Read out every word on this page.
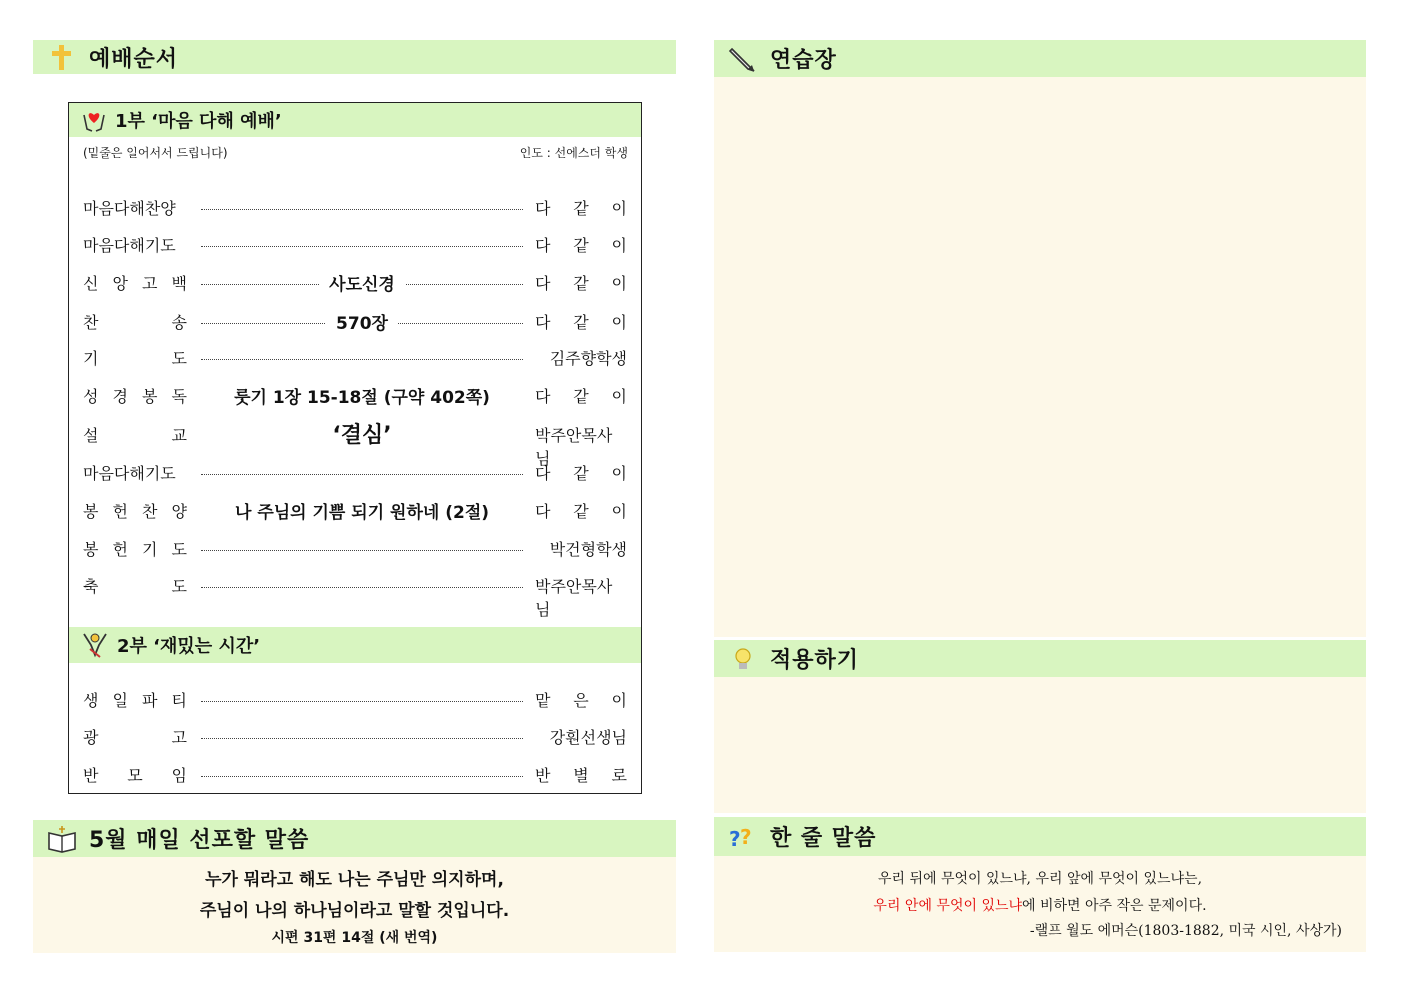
예배순서
1부 ‘마음 다해 예배’
(밑줄은 일어서서 드립니다)	인도 : 선에스더 학생
마음다해찬양	다 같 이
마음다해기도	다 같 이
신 앙 고 백	사도신경	다 같 이
찬	송	570장	다 같 이
기	도	김주향학생
성 경 봉 독	룻기 1장 15-18절 (구약 402쪽)	다 같 이
설	교	‘결심’	박주안목사님
마음다해기도	다 같 이
봉 헌 찬 양	나 주님의 기쁨 되기 원하네 (2절)	다 같 이
봉 헌 기 도	박건형학생
축	도	박주안목사님
2부 ‘재밌는 시간’
생 일 파 티	맡 은 이
광	고	강훤선생님
반 모 임	반 별 로
5월 매일 선포할 말씀
누가 뭐라고 해도 나는 주님만 의지하며,
주님이 나의 하나님이라고 말할 것입니다.
시편 31편 14절 (새 번역)
연습장
적용하기
? ? 한 줄 말씀
우리 뒤에 무엇이 있느냐, 우리 앞에 무엇이 있느냐는,
우리 안에 무엇이 있느냐에 비하면 아주 작은 문제이다.
-랠프 월도 에머슨(1803-1882, 미국 시인, 사상가)
